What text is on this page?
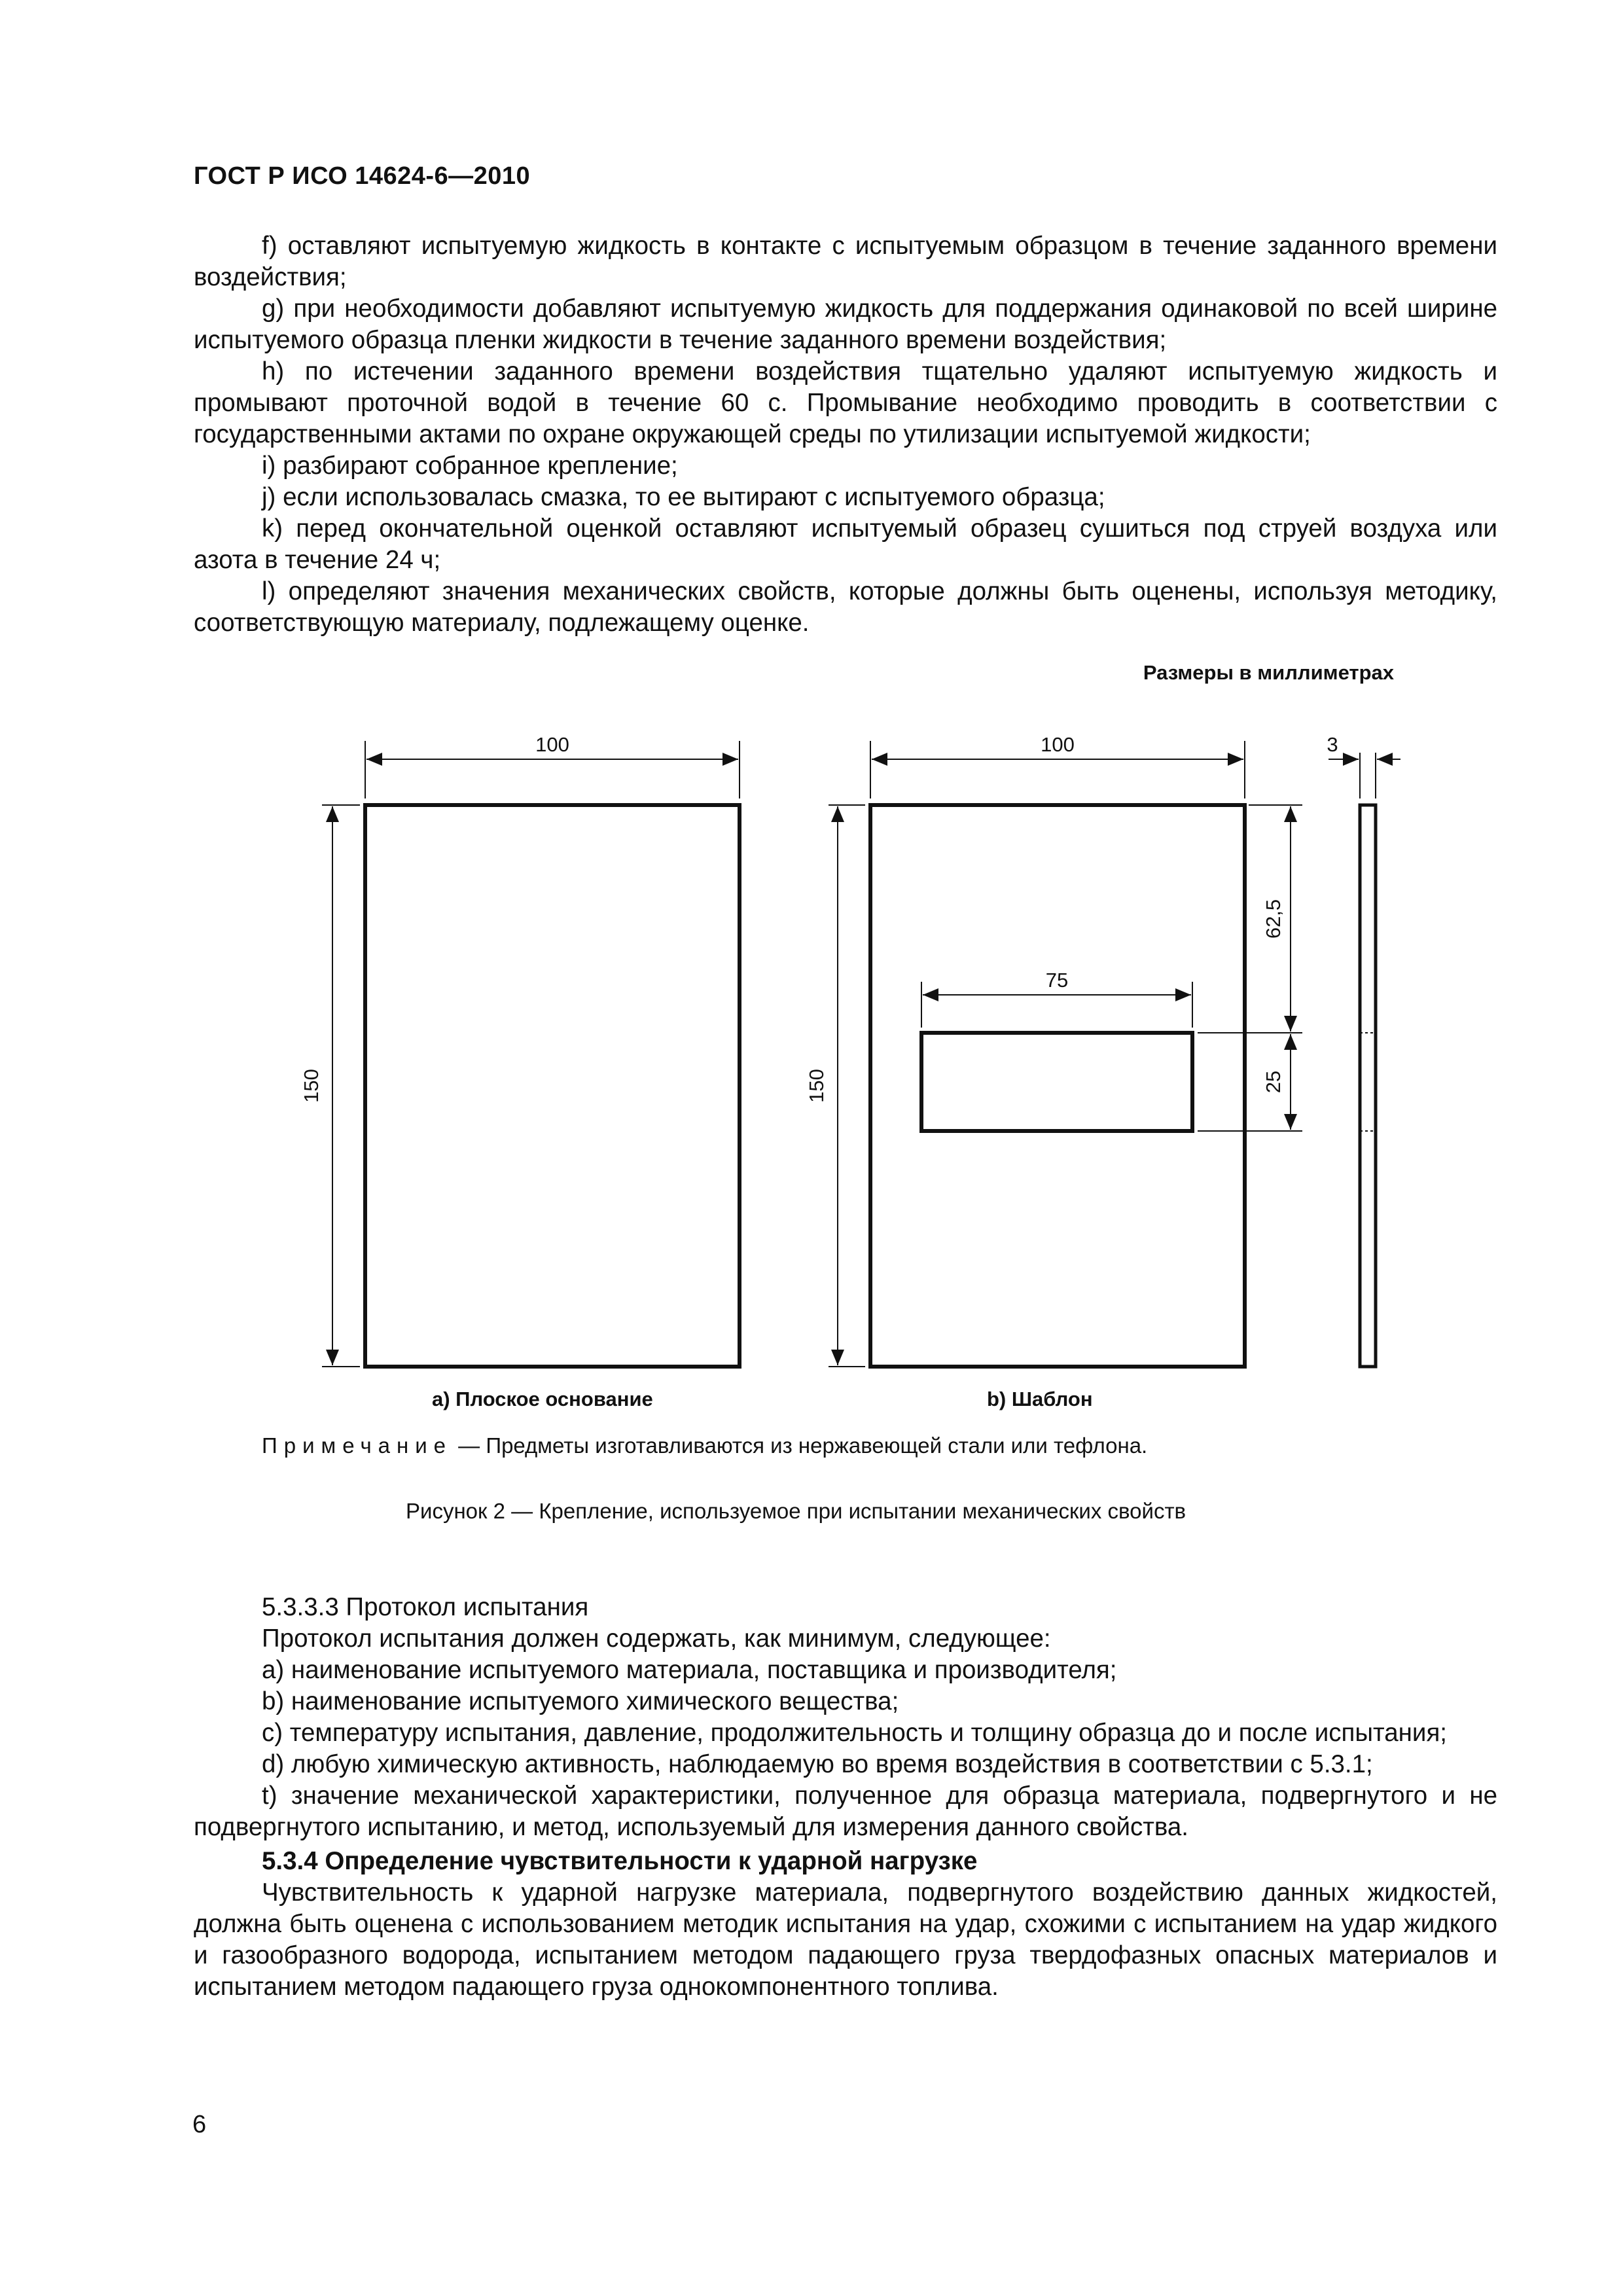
ГОСТ Р ИСО 14624-6—2010

f) оставляют испытуемую жидкость в контакте с испытуемым образцом в течение заданного времени воздействия;

g) при необходимости добавляют испытуемую жидкость для поддержания одинаковой по всей ширине испытуемого образца пленки жидкости в течение заданного времени воздействия;

h) по истечении заданного времени воздействия тщательно удаляют испытуемую жидкость и промывают проточной водой в течение 60 с. Промывание необходимо проводить в соответствии с государственными актами по охране окружающей среды по утилизации испытуемой жидкости;

i) разбирают собранное крепление;

j) если использовалась смазка, то ее вытирают с испытуемого образца;

k) перед окончательной оценкой оставляют испытуемый образец сушиться под струей воздуха или азота в течение 24 ч;

l) определяют значения механических свойств, которые должны быть оценены, используя методику, соответствующую материалу, подлежащему оценке.

Размеры в миллиметрах
100
150
100
150
75
62,5
25
3
а) Плоское основание	b) Шаблон
Примечание — Предметы изготавливаются из нержавеющей стали или тефлона.
Рисунок 2 — Крепление, используемое при испытании механических свойств

5.3.3.3 Протокол испытания

Протокол испытания должен содержать, как минимум, следующее:

a) наименование испытуемого материала, поставщика и производителя;

b) наименование испытуемого химического вещества;

c) температуру испытания, давление, продолжительность и толщину образца до и после испытания;

d) любую химическую активность, наблюдаемую во время воздействия в соответствии с 5.3.1;

t) значение механической характеристики, полученное для образца материала, подвергнутого и не подвергнутого испытанию, и метод, используемый для измерения данного свойства.

5.3.4 Определение чувствительности к ударной нагрузке

Чувствительность к ударной нагрузке материала, подвергнутого воздействию данных жидкостей, должна быть оценена с использованием методик испытания на удар, схожими с испытанием на удар жидкого и газообразного водорода, испытанием методом падающего груза твердофазных опасных материалов и испытанием методом падающего груза однокомпонентного топлива.

6
